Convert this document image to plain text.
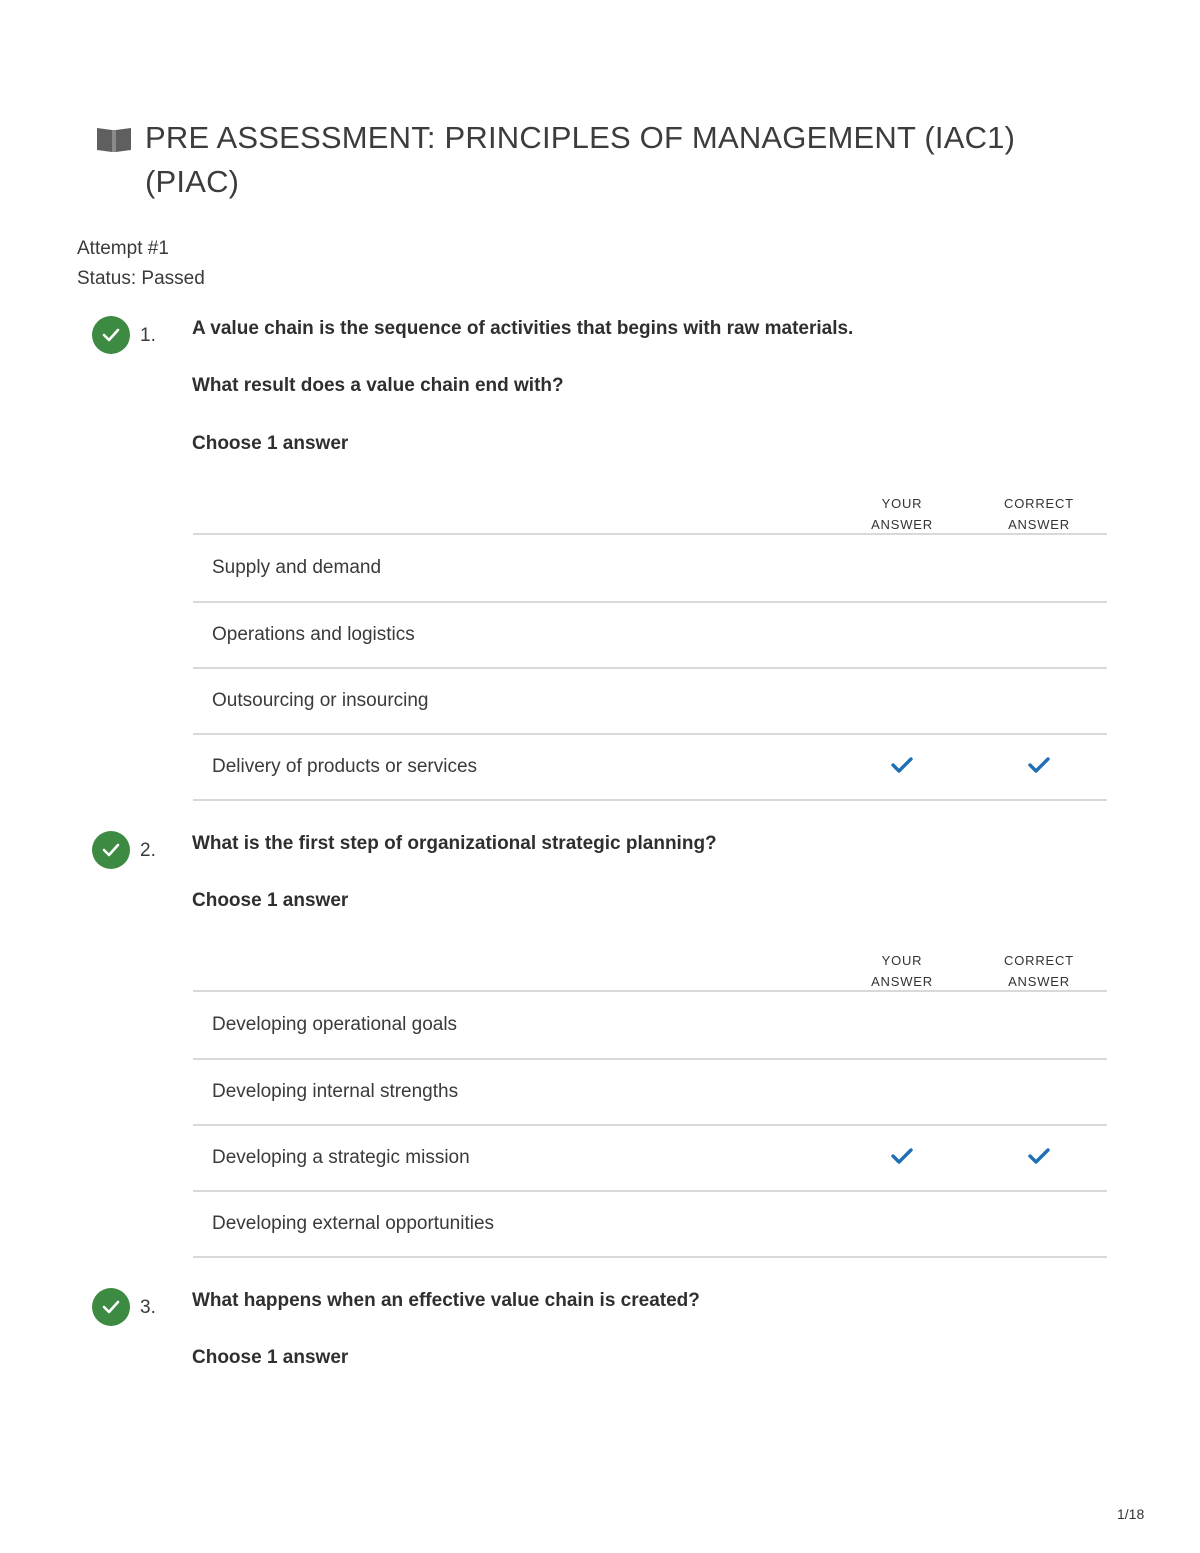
PRE ASSESSMENT: PRINCIPLES OF MANAGEMENT (IAC1) (PIAC)
Attempt #1
Status: Passed
1. A value chain is the sequence of activities that begins with raw materials.
What result does a value chain end with?
Choose 1 answer
YOUR
ANSWER
CORRECT
ANSWER
Supply and demand
Operations and logistics
Outsourcing or insourcing
Delivery of products or services
2. What is the first step of organizational strategic planning?
Choose 1 answer
YOUR
ANSWER
CORRECT
ANSWER
Developing operational goals
Developing internal strengths
Developing a strategic mission
Developing external opportunities
3. What happens when an effective value chain is created?
Choose 1 answer
1/18
